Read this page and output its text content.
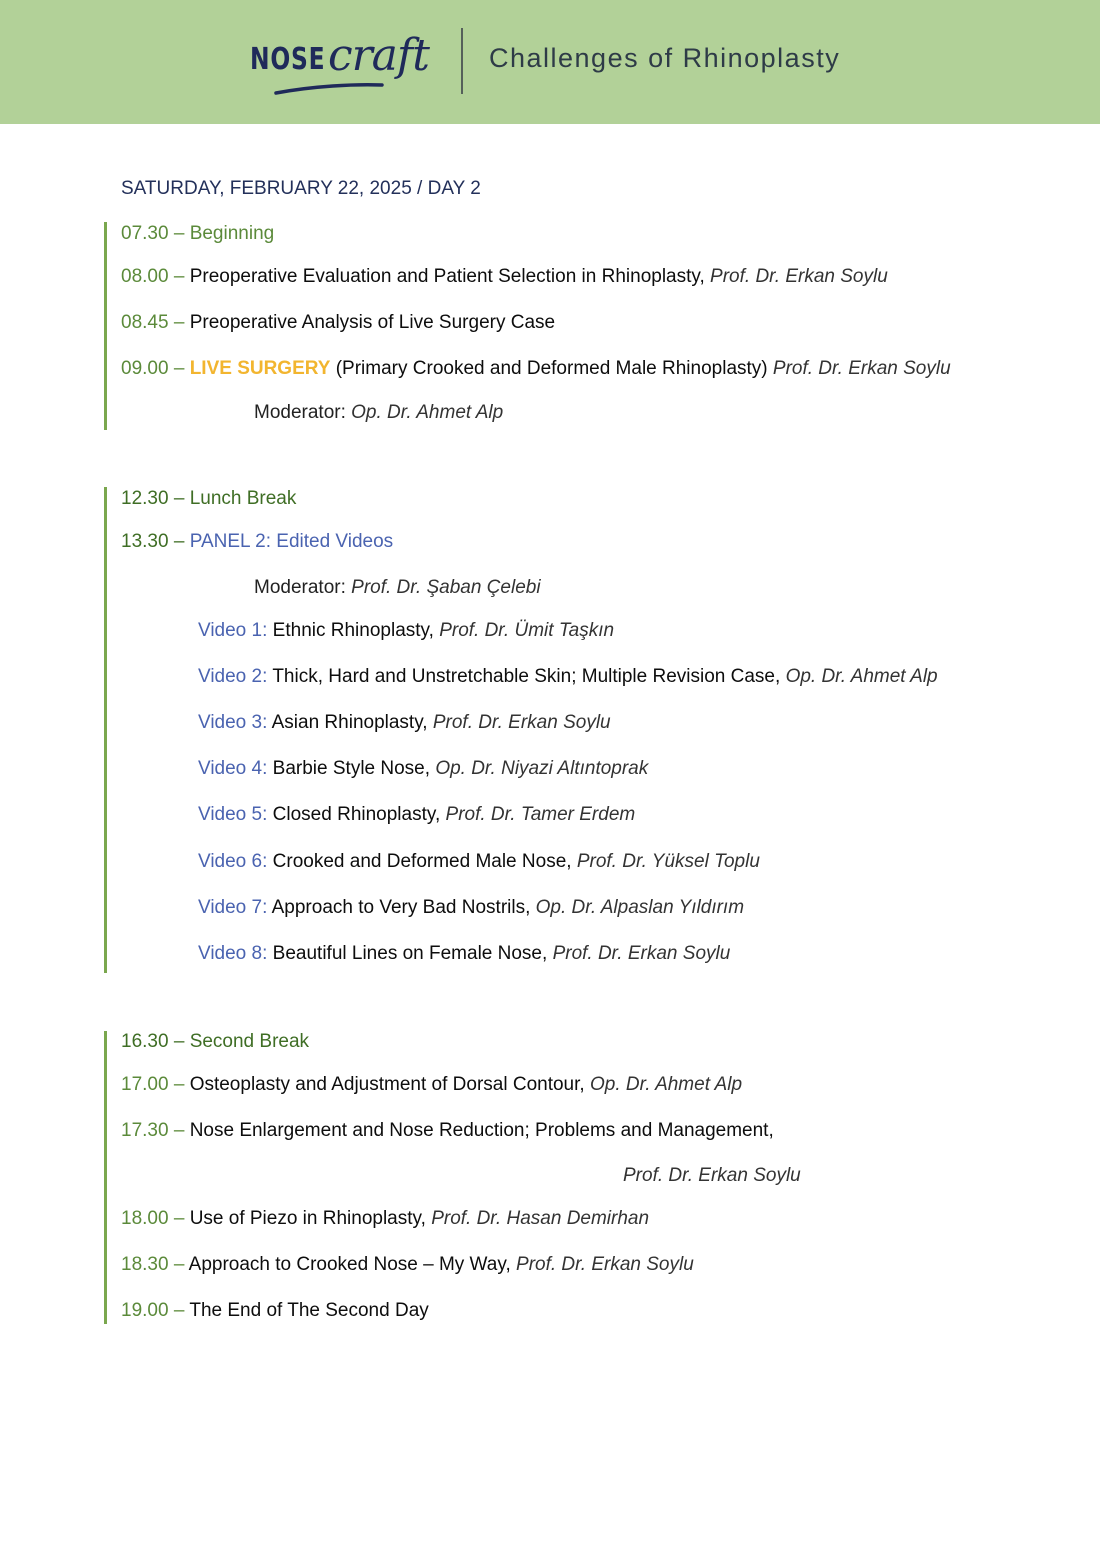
NOSE craft Challenges of Rhinoplasty
SATURDAY, FEBRUARY 22, 2025 / DAY 2
07.30 – Beginning
08.00 – Preoperative Evaluation and Patient Selection in Rhinoplasty, Prof. Dr. Erkan Soylu
08.45 – Preoperative Analysis of Live Surgery Case
09.00 – LIVE SURGERY (Primary Crooked and Deformed Male Rhinoplasty) Prof. Dr. Erkan Soylu
Moderator: Op. Dr. Ahmet Alp
12.30 – Lunch Break
13.30 – PANEL 2: Edited Videos
Moderator: Prof. Dr. Şaban Çelebi
Video 1: Ethnic Rhinoplasty, Prof. Dr. Ümit Taşkın
Video 2: Thick, Hard and Unstretchable Skin; Multiple Revision Case, Op. Dr. Ahmet Alp
Video 3: Asian Rhinoplasty, Prof. Dr. Erkan Soylu
Video 4: Barbie Style Nose, Op. Dr. Niyazi Altıntoprak
Video 5: Closed Rhinoplasty, Prof. Dr. Tamer Erdem
Video 6: Crooked and Deformed Male Nose, Prof. Dr. Yüksel Toplu
Video 7: Approach to Very Bad Nostrils, Op. Dr. Alpaslan Yıldırım
Video 8: Beautiful Lines on Female Nose, Prof. Dr. Erkan Soylu
16.30 – Second Break
17.00 – Osteoplasty and Adjustment of Dorsal Contour, Op. Dr. Ahmet Alp
17.30 – Nose Enlargement and Nose Reduction; Problems and Management,
Prof. Dr. Erkan Soylu
18.00 – Use of Piezo in Rhinoplasty, Prof. Dr. Hasan Demirhan
18.30 – Approach to Crooked Nose – My Way, Prof. Dr. Erkan Soylu
19.00 – The End of The Second Day
